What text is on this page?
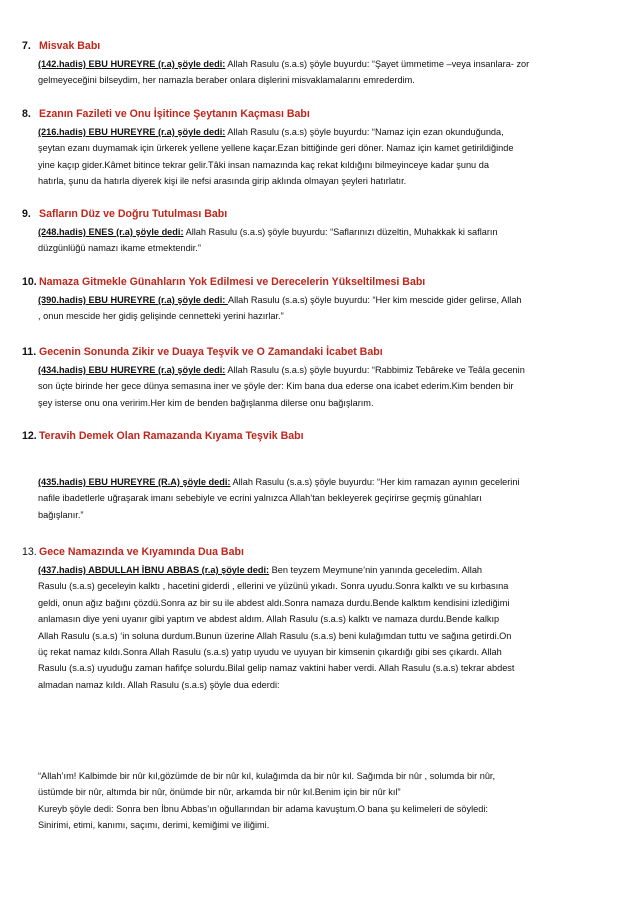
7. Misvak Babı
(142.hadis) EBU HUREYRE (r.a) şöyle dedi: Allah Rasulu (s.a.s) şöyle buyurdu: “Şayet ümmetime –veya insanlara- zor
gelmeyeceğini bilseydim, her namazla beraber onlara dişlerini misvaklamalarını emrederdim.
8. Ezanın Fazileti ve Onu İşitince Şeytanın Kaçması Babı
(216.hadis) EBU HUREYRE (r.a) şöyle dedi: Allah Rasulu (s.a.s) şöyle buyurdu: “Namaz için ezan okunduğunda,
şeytan ezanı duymamak için ürkerek yellene yellene kaçar.Ezan bittiğinde geri döner. Namaz için kamet getirildiğinde
yine kaçıp gider.Kâmet bitince tekrar gelir.Tâki insan namazında kaç rekat kıldığını bilmeyinceye kadar şunu da
hatırla, şunu da hatırla diyerek kişi ile nefsi arasında girip aklında olmayan şeyleri hatırlatır.
9. Safların Düz ve Doğru Tutulması Babı
(248.hadis) ENES (r.a) şöyle dedi: Allah Rasulu (s.a.s) şöyle buyurdu: “Saflarınızı düzeltin, Muhakkak ki safların
düzgünlüğü namazı ikame etmektendir.”
10. Namaza Gitmekle Günahların Yok Edilmesi ve Derecelerin Yükseltilmesi Babı
(390.hadis) EBU HUREYRE (r.a) şöyle dedi: Allah Rasulu (s.a.s) şöyle buyurdu: “Her kim mescide gider gelirse, Allah
, onun mescide her gidiş gelişinde cennetteki yerini hazırlar.”
11. Gecenin Sonunda Zikir ve Duaya Teşvik ve O Zamandaki İcabet Babı
(434.hadis) EBU HUREYRE (r.a) şöyle dedi: Allah Rasulu (s.a.s) şöyle buyurdu: “Rabbimiz Tebâreke ve Teâla gecenin
son üçte birinde her gece dünya semasına iner ve şöyle der: Kim bana dua ederse ona icabet ederim.Kim benden bir
şey isterse onu ona veririm.Her kim de benden bağışlanma dilerse onu bağışlarım.
12. Teravih Demek Olan Ramazanda Kıyama Teşvik Babı
(435.hadis) EBU HUREYRE (R.A) şöyle dedi: Allah Rasulu (s.a.s) şöyle buyurdu: “Her kim ramazan ayının gecelerini
nafile ibadetlerle uğraşarak imanı sebebiyle ve ecrini yalnızca Allah’tan bekleyerek geçirirse geçmiş günahları
bağışlanır.”
13. Gece Namazında ve Kıyamında Dua Babı
(437.hadis) ABDULLAH İBNU ABBAS (r.a) şöyle dedi: Ben teyzem Meymune’nin yanında geceledim. Allah
Rasulu (s.a.s) geceleyin kalktı , hacetini giderdi , ellerini ve yüzünü yıkadı. Sonra uyudu.Sonra kalktı ve su kırbasına
geldi, onun ağız bağını çözdü.Sonra az bir su ile abdest aldı.Sonra namaza durdu.Bende kalktım kendisini izlediğimi
anlamasın diye yeni uyanır gibi yaptım ve abdest aldım. Allah Rasulu (s.a.s) kalktı ve namaza durdu.Bende kalkıp
Allah Rasulu (s.a.s) ‘in soluna durdum.Bunun üzerine Allah Rasulu (s.a.s) beni kulağımdan tuttu ve sağına getirdi.On
üç rekat namaz kıldı.Sonra Allah Rasulu (s.a.s) yatıp uyudu ve uyuyan bir kimsenin çıkardığı gibi ses çıkardı. Allah
Rasulu (s.a.s) uyuduğu zaman hafifçe solurdu.Bilal gelip namaz vaktini haber verdi. Allah Rasulu (s.a.s) tekrar abdest
almadan namaz kıldı. Allah Rasulu (s.a.s) şöyle dua ederdi:
“Allah’ım! Kalbimde bir nûr kıl,gözümde de bir nûr kıl, kulağımda da bir nûr kıl. Sağımda bir nûr , solumda bir nûr,
üstümde bir nûr, altımda bir nûr, önümde bir nûr, arkamda bir nûr kıl.Benim için bir nûr kıl”
Kureyb şöyle dedi: Sonra ben İbnu Abbas’ın oğullarından bir adama kavuştum.O bana şu kelimeleri de söyledi:
Sinirimi, etimi, kanımı, saçımı, derimi, kemiğimi ve iliğimi.
